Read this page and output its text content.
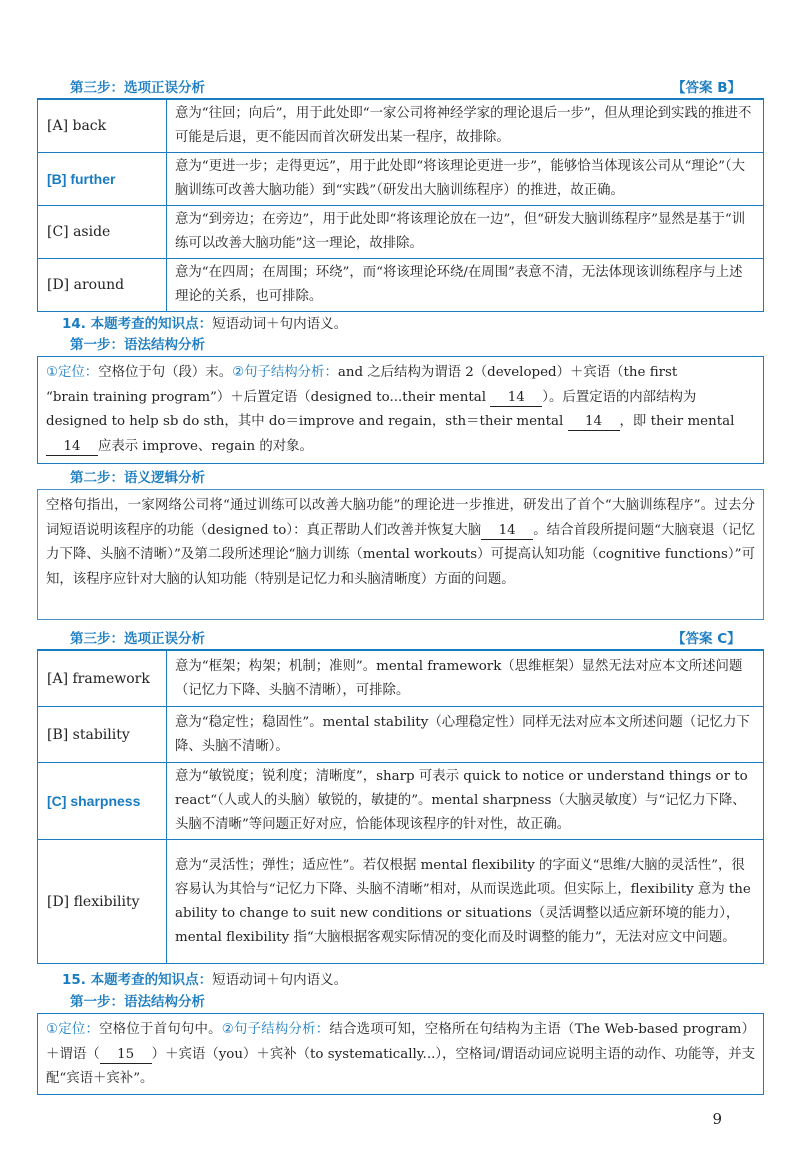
第三步：选项正误分析	【答案 B】
[A] back	意为“往回；向后”，用于此处即“一家公司将神经学家的理论退后一步”，但从理论到实践的推进不可能是后退，更不能因而首次研发出某一程序，故排除。
[B] further	意为“更进一步；走得更远”，用于此处即“将该理论更进一步”，能够恰当体现该公司从“理论”（大脑训练可改善大脑功能）到“实践”（研发出大脑训练程序）的推进，故正确。
[C] aside	意为“到旁边；在旁边”，用于此处即“将该理论放在一边”，但“研发大脑训练程序”显然是基于“训练可以改善大脑功能”这一理论，故排除。
[D] around	意为“在四周；在周围；环绕”，而“将该理论环绕/在周围”表意不清，无法体现该训练程序与上述理论的关系，也可排除。
14. 本题考查的知识点：短语动词＋句内语义。
第一步：语法结构分析
①定位：空格位于句（段）末。②句子结构分析：and 之后结构为谓语 2（developed）＋宾语（the first
“brain training program”）＋后置定语（designed to...their mental 14 ）。后置定语的内部结构为
designed to help sb do sth，其中 do＝improve and regain，sth＝their mental 14 ，即 their mental
14 应表示 improve、regain 的对象。
第二步：语义逻辑分析
空格句指出，一家网络公司将“通过训练可以改善大脑功能”的理论进一步推进，研发出了首个“大脑训练程序”。过去分词短语说明该程序的功能（designed to）：真正帮助人们改善并恢复大脑 14 。结合首段所提问题“大脑衰退（记忆力下降、头脑不清晰）”及第二段所述理论“脑力训练（mental workouts）可提高认知功能（cognitive functions）”可知，该程序应针对大脑的认知功能（特别是记忆力和头脑清晰度）方面的问题。
第三步：选项正误分析	【答案 C】
[A] framework	意为“框架；构架；机制；准则”。mental framework（思维框架）显然无法对应本文所述问题（记忆力下降、头脑不清晰），可排除。
[B] stability	意为“稳定性；稳固性”。mental stability（心理稳定性）同样无法对应本文所述问题（记忆力下降、头脑不清晰）。
[C] sharpness	意为“敏锐度；锐利度；清晰度”，sharp 可表示 quick to notice or understand things or to react“（人或人的头脑）敏锐的，敏捷的”。mental sharpness（大脑灵敏度）与“记忆力下降、头脑不清晰”等问题正好对应，恰能体现该程序的针对性，故正确。
[D] flexibility	意为“灵活性；弹性；适应性”。若仅根据 mental flexibility 的字面义“思维/大脑的灵活性”，很容易认为其恰与“记忆力下降、头脑不清晰”相对，从而误选此项。但实际上，flexibility 意为 the ability to change to suit new conditions or situations（灵活调整以适应新环境的能力），mental flexibility 指“大脑根据客观实际情况的变化而及时调整的能力”，无法对应文中问题。
15. 本题考查的知识点：短语动词＋句内语义。
第一步：语法结构分析
①定位：空格位于首句句中。②句子结构分析：结合选项可知，空格所在句结构为主语（The Web-based program）＋谓语（ 15 ）＋宾语（you）＋宾补（to systematically...），空格词/谓语动词应说明主语的动作、功能等，并支配“宾语＋宾补”。
9
